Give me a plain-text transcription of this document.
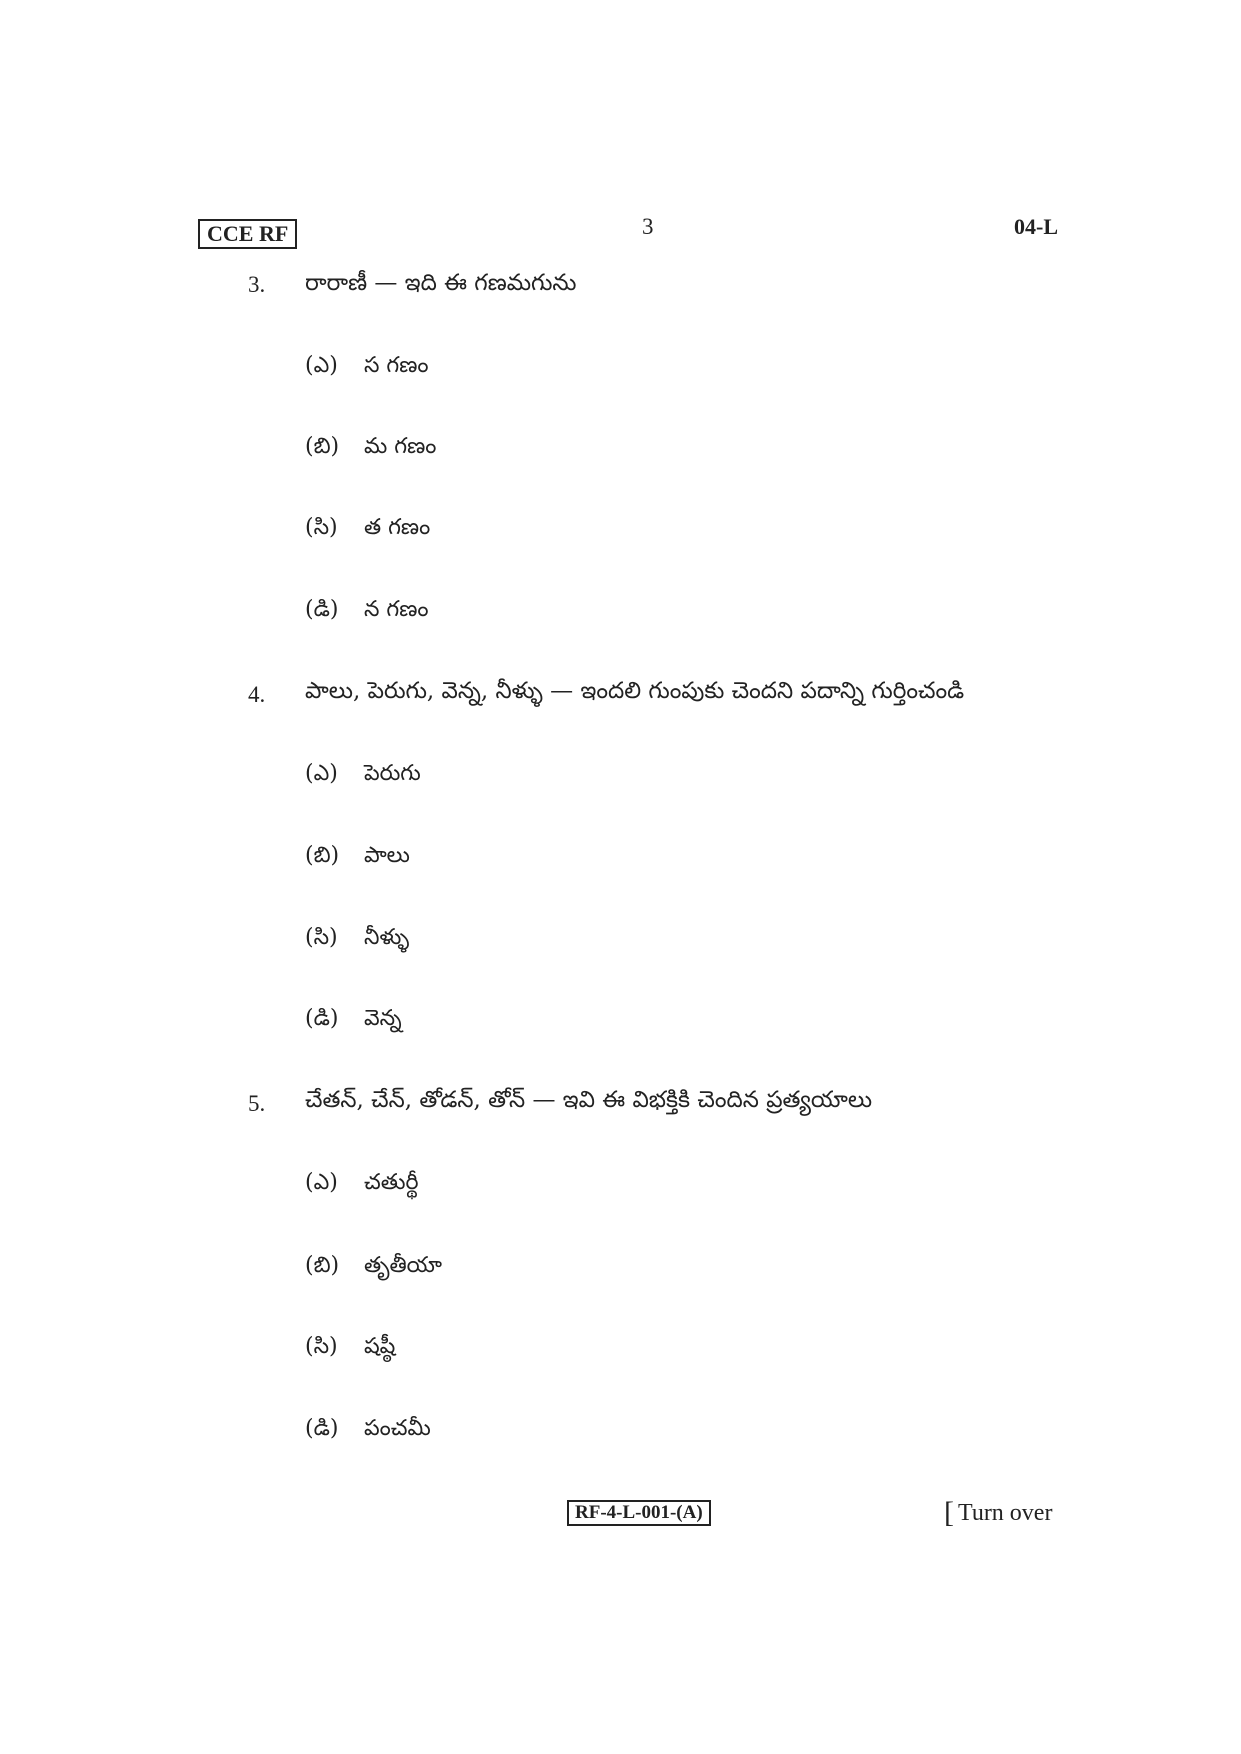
CCE RF	3	04-L
3.	రారాణీ — ఇది ఈ గణమగును
(ఎ) స గణం
(బి) మ గణం
(సి) త గణం
(డి) న గణం
4.	పాలు, పెరుగు, వెన్న, నీళ్ళు — ఇందలి గుంపుకు చెందని పదాన్ని గుర్తించండి
(ఎ) పెరుగు
(బి) పాలు
(సి) నీళ్ళు
(డి) వెన్న
5.	చేతన్, చేన్, తోడన్, తోన్ — ఇవి ఈ విభక్తికి చెందిన ప్రత్యయాలు
(ఎ) చతుర్థీ
(బి) తృతీయా
(సి) షష్ఠీ
(డి) పంచమీ
RF-4-L-001-(A)	[ Turn over
